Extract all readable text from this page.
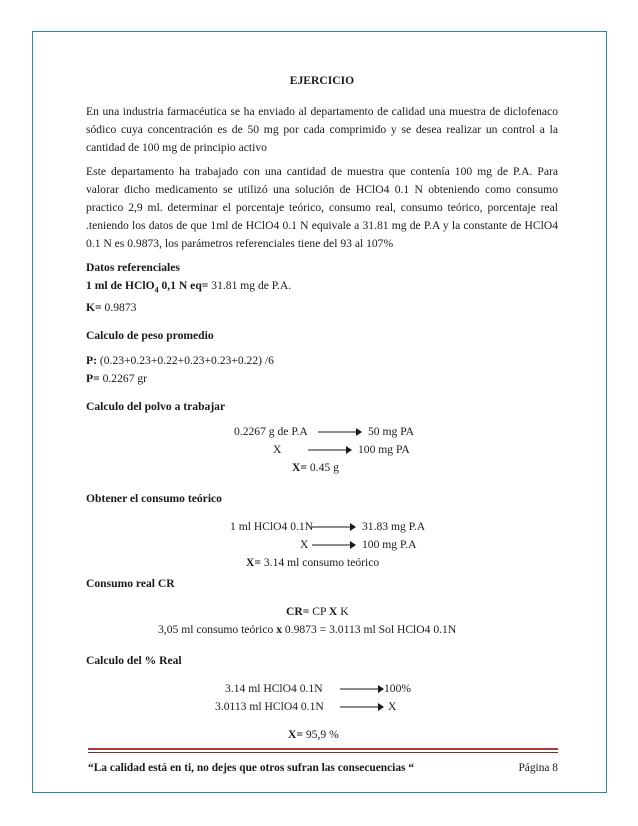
EJERCICIO

En una industria farmacéutica se ha enviado al departamento de calidad una muestra de diclofenaco sódico cuya concentración es de 50 mg por cada comprimido y se desea realizar un control a la cantidad de 100 mg de principio activo

Este departamento ha trabajado con una cantidad de muestra que contenía 100 mg de P.A. Para valorar dicho medicamento se utilizó una solución de HClO4 0.1 N obteniendo como consumo practico 2,9 ml. determinar el porcentaje teórico, consumo real, consumo teórico, porcentaje real .teniendo los datos de que 1ml de HClO4 0.1 N equivale a 31.81 mg de P.A y la constante de HClO4 0.1 N es 0.9873, los parámetros referenciales tiene del 93 al 107%

Datos referenciales

1 ml de HClO$_4$ 0,1 N eq= 31.81 mg de P.A.

K= 0.9873

Calculo de peso promedio

P: (0.23+0.23+0.22+0.23+0.23+0.22) /6

P= 0.2267 gr

Calculo del polvo a trabajar

0.2267 g de P.A	50 mg PA
X	100 mg PA
X= 0.45 g

Obtener el consumo teórico

1 ml HClO4 0.1N	31.83 mg P.A
X	100 mg P.A
X= 3.14 ml consumo teórico

Consumo real CR

CR= CP X K
3,05 ml consumo teórico x 0.9873 = 3.0113 ml Sol HClO4 0.1N

Calculo del % Real

3.14 ml HClO4 0.1N	100%
3.0113 ml HClO4 0.1N	X
X= 95,9 %
“La calidad está en ti, no dejes que otros sufran las consecuencias “	Página 8
